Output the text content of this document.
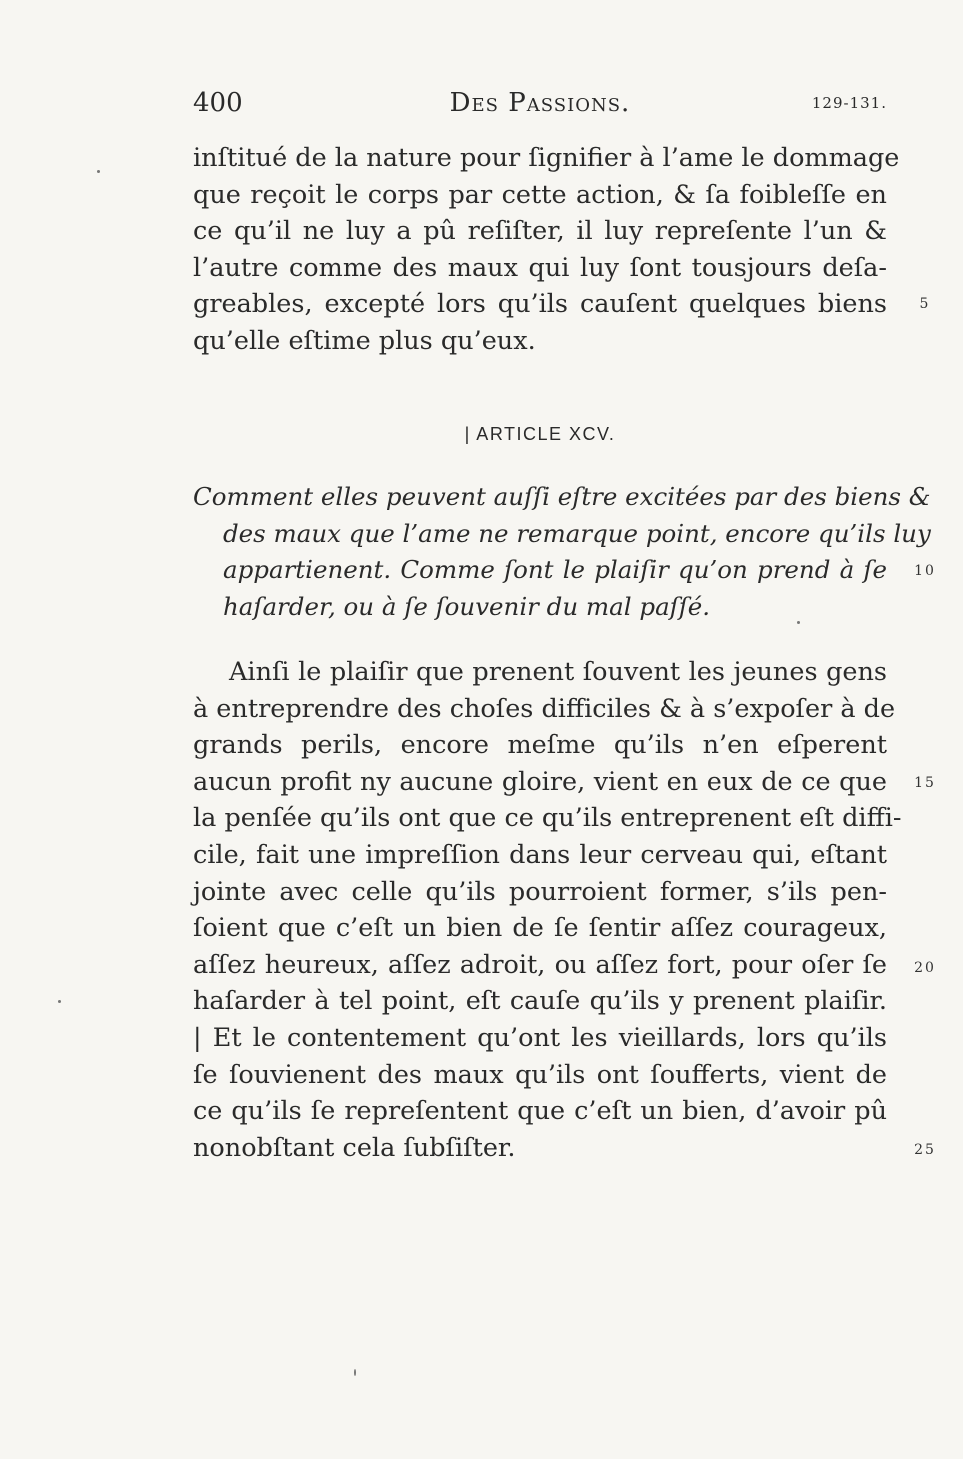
400	Des Passions.	129-131.
inſtitué de la nature pour ſignifier à l’ame le dommage
que reçoit le corps par cette action, & ſa foibleſſe en
ce qu’il ne luy a pû reſiſter, il luy repreſente l’un &
l’autre comme des maux qui luy ſont tousjours deſa-
greables, excepté lors qu’ils cauſent quelques biens
qu’elle eſtime plus qu’eux.
| ARTICLE XCV.
Comment elles peuvent auſſi eſtre excitées par des biens &
des maux que l’ame ne remarque point, encore qu’ils luy
appartienent. Comme ſont le plaiſir qu’on prend à ſe
haſarder, ou à ſe ſouvenir du mal paſſé.
Ainſi le plaiſir que prenent ſouvent les jeunes gens
à entreprendre des choſes difficiles & à s’expoſer à de
grands perils, encore meſme qu’ils n’en eſperent
aucun profit ny aucune gloire, vient en eux de ce que
la penſée qu’ils ont que ce qu’ils entreprenent eſt diffi-
cile, fait une impreſſion dans leur cerveau qui, eſtant
jointe avec celle qu’ils pourroient former, s’ils pen-
ſoient que c’eſt un bien de ſe ſentir aſſez courageux,
aſſez heureux, aſſez adroit, ou aſſez fort, pour oſer ſe
haſarder à tel point, eſt cauſe qu’ils y prenent plaiſir.
| Et le contentement qu’ont les vieillards, lors qu’ils
ſe ſouvienent des maux qu’ils ont ſoufferts, vient de
ce qu’ils ſe repreſentent que c’eſt un bien, d’avoir pû
nonobſtant cela ſubſiſter.
5
10
15
20
25
